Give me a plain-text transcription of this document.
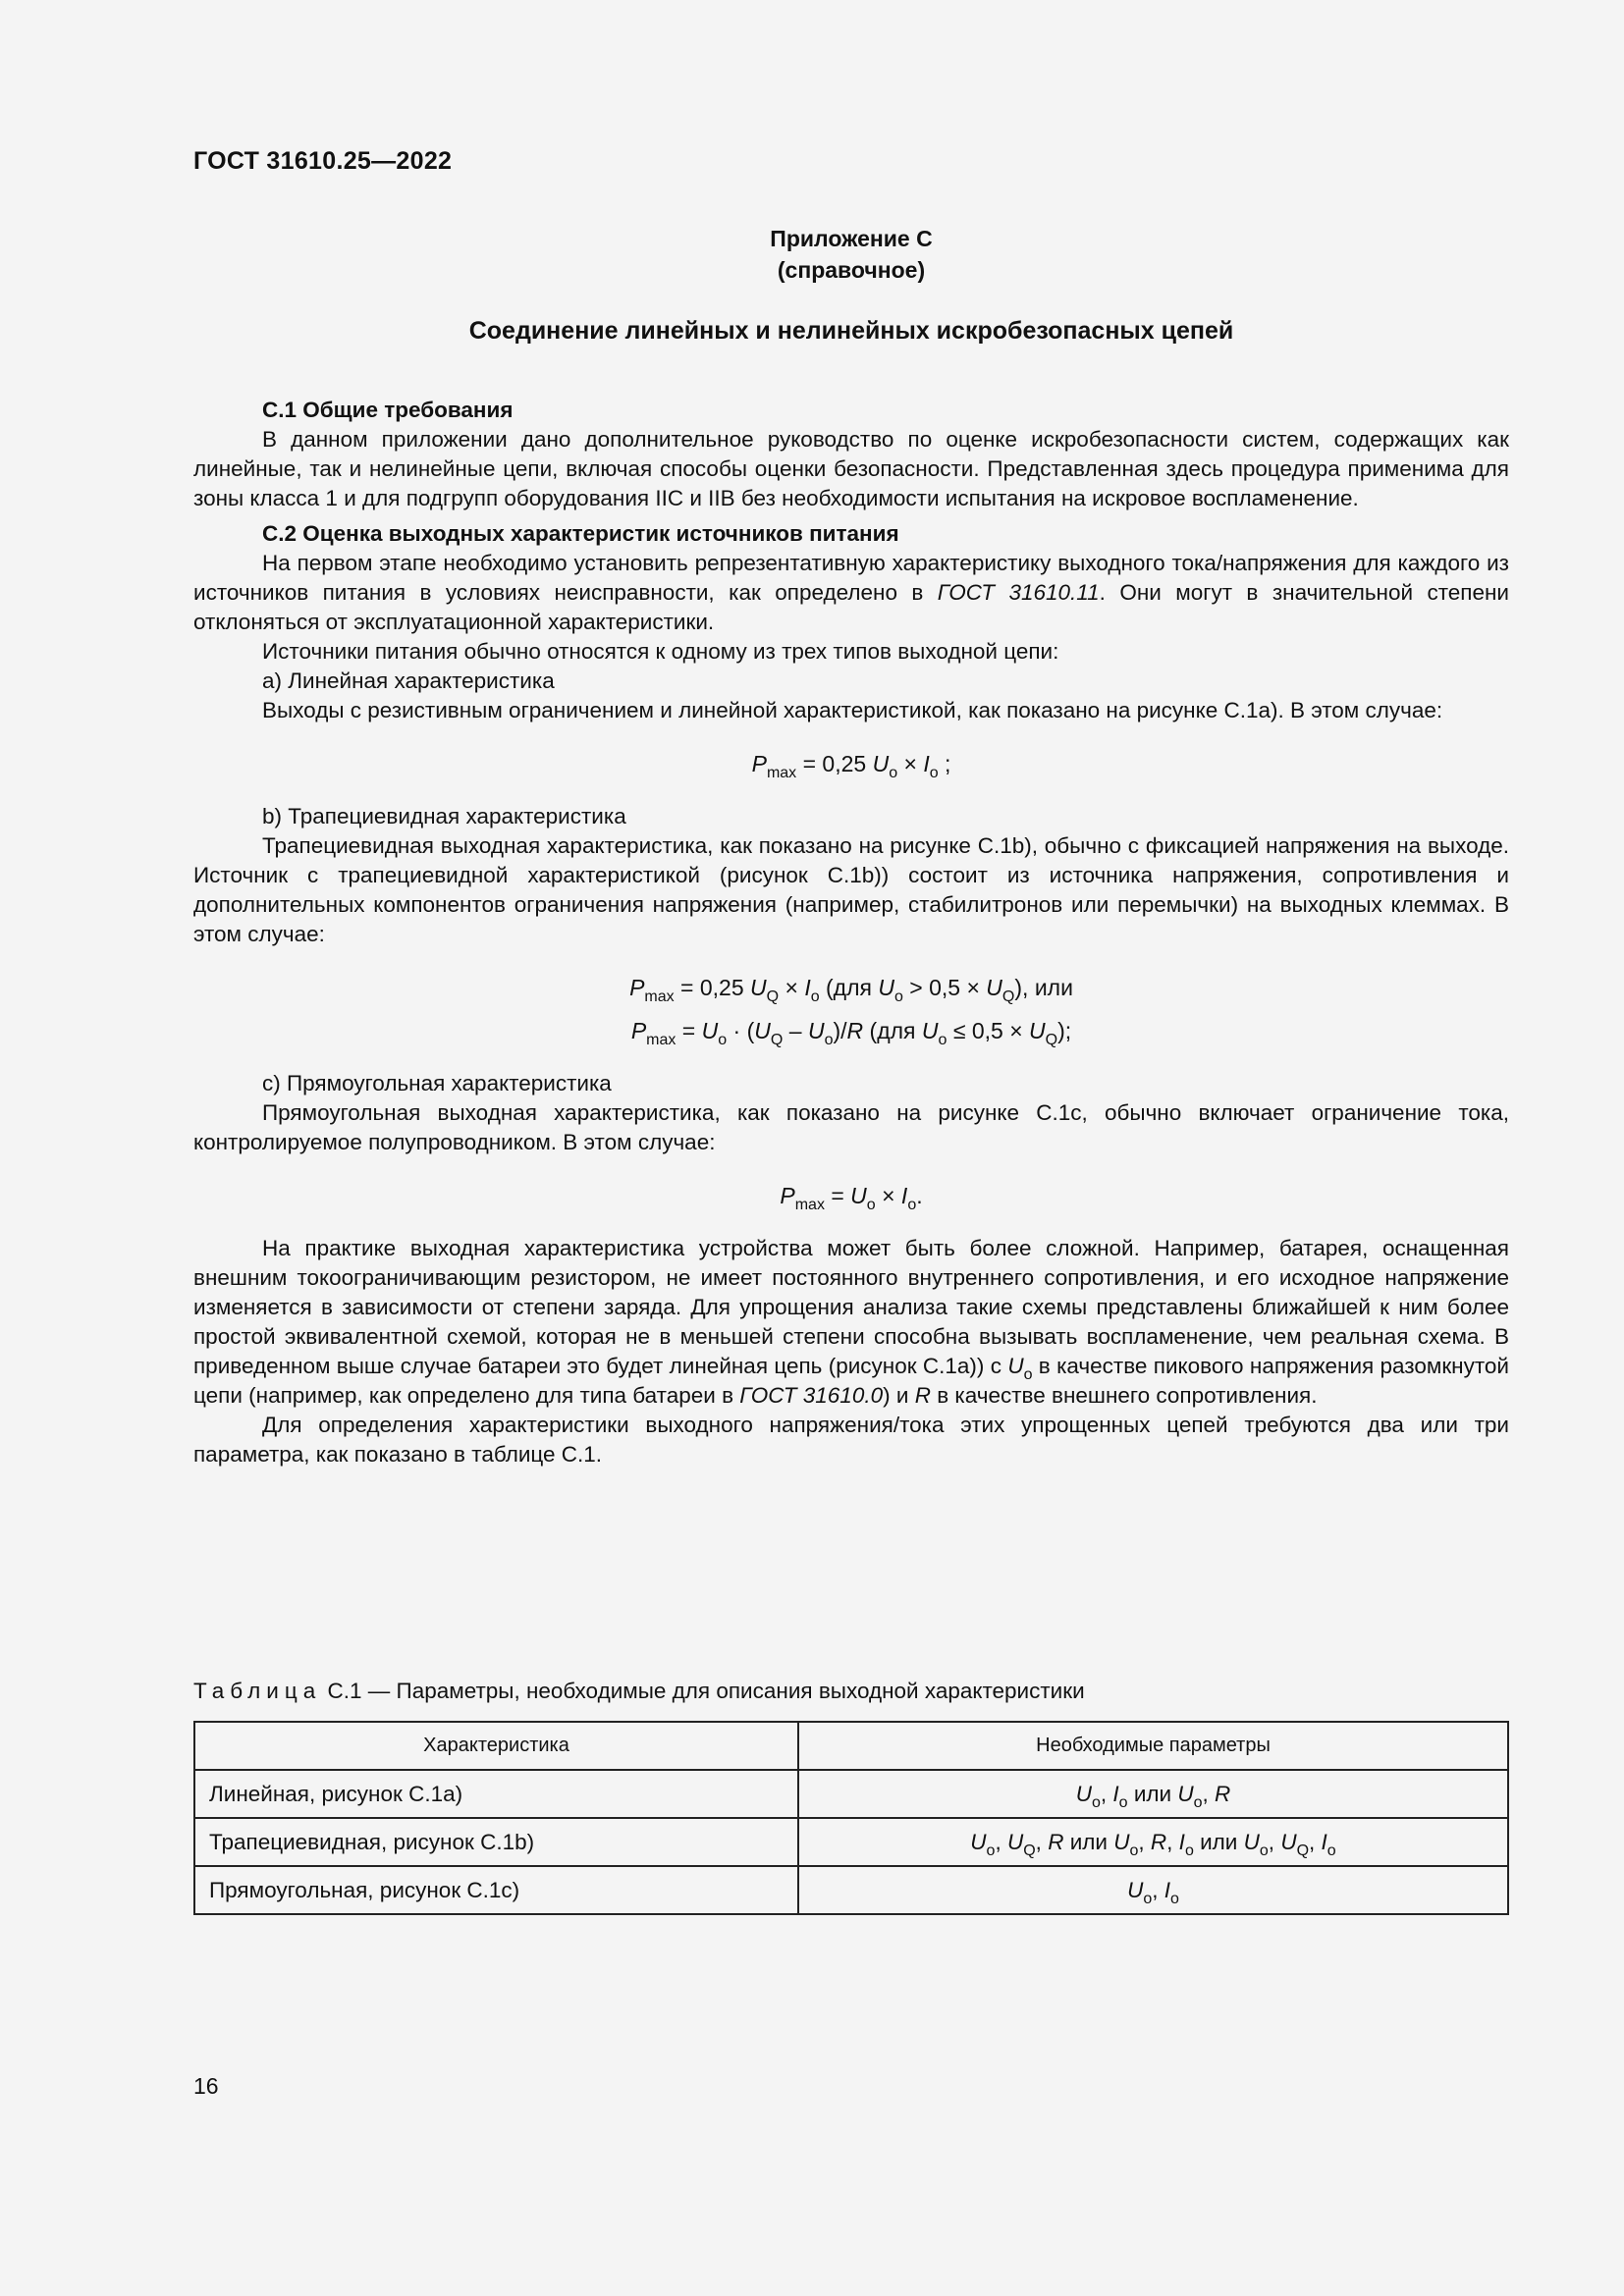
ГОСТ 31610.25—2022
Приложение С
(справочное)
Соединение линейных и нелинейных искробезопасных цепей

С.1 Общие требования

В данном приложении дано дополнительное руководство по оценке искробезопасности систем, содержащих как линейные, так и нелинейные цепи, включая способы оценки безопасности. Представленная здесь процедура применима для зоны класса 1 и для подгрупп оборудования IIC и IIB без необходимости испытания на искровое воспламенение.

С.2 Оценка выходных характеристик источников питания

На первом этапе необходимо установить репрезентативную характеристику выходного тока/напряжения для каждого из источников питания в условиях неисправности, как определено в ГОСТ 31610.11. Они могут в значительной степени отклоняться от эксплуатационной характеристики.

Источники питания обычно относятся к одному из трех типов выходной цепи:

a) Линейная характеристика

Выходы с резистивным ограничением и линейной характеристикой, как показано на рисунке С.1а). В этом случае:

$P_{max} = 0,25$ $U_o \times I_o$ ;

b) Трапециевидная характеристика

Трапециевидная выходная характеристика, как показано на рисунке С.1b), обычно с фиксацией напряжения на выходе. Источник с трапециевидной характеристикой (рисунок С.1b)) состоит из источника напряжения, сопротивления и дополнительных компонентов ограничения напряжения (например, стабилитронов или перемычки) на выходных клеммах. В этом случае:

$P_{max} = 0,25$ $U_Q \times I_o$ (для $U_o > 0,5 \times U_Q$), или

$P_{max} = U_o \cdot (U_Q - U_o)/R$ (для $U_o \le 0,5 \times U_Q$);

c) Прямоугольная характеристика

Прямоугольная выходная характеристика, как показано на рисунке С.1с, обычно включает ограничение тока, контролируемое полупроводником. В этом случае:

$P_{max} = U_o \times I_o$.

На практике выходная характеристика устройства может быть более сложной. Например, батарея, оснащенная внешним токоограничивающим резистором, не имеет постоянного внутреннего сопротивления, и его исходное напряжение изменяется в зависимости от степени заряда. Для упрощения анализа такие схемы представлены ближайшей к ним более простой эквивалентной схемой, которая не в меньшей степени способна вызывать воспламенение, чем реальная схема. В приведенном выше случае батареи это будет линейная цепь (рисунок С.1а)) с $U_o$ в качестве пикового напряжения разомкнутой цепи (например, как определено для типа батареи в ГОСТ 31610.0) и R в качестве внешнего сопротивления.

Для определения характеристики выходного напряжения/тока этих упрощенных цепей требуются два или три параметра, как показано в таблице С.1.

Таблица С.1 — Параметры, необходимые для описания выходной характеристики
Характеристика	Необходимые параметры
Линейная, рисунок С.1a)	$U_o$, $I_o$ или $U_o$, R
Трапециевидная, рисунок С.1b)	$U_o$, $U_Q$, R или $U_o$, R, $I_o$ или $U_o$, $U_Q$, $I_o$
Прямоугольная, рисунок С.1c)	$U_o$, $I_o$
16
